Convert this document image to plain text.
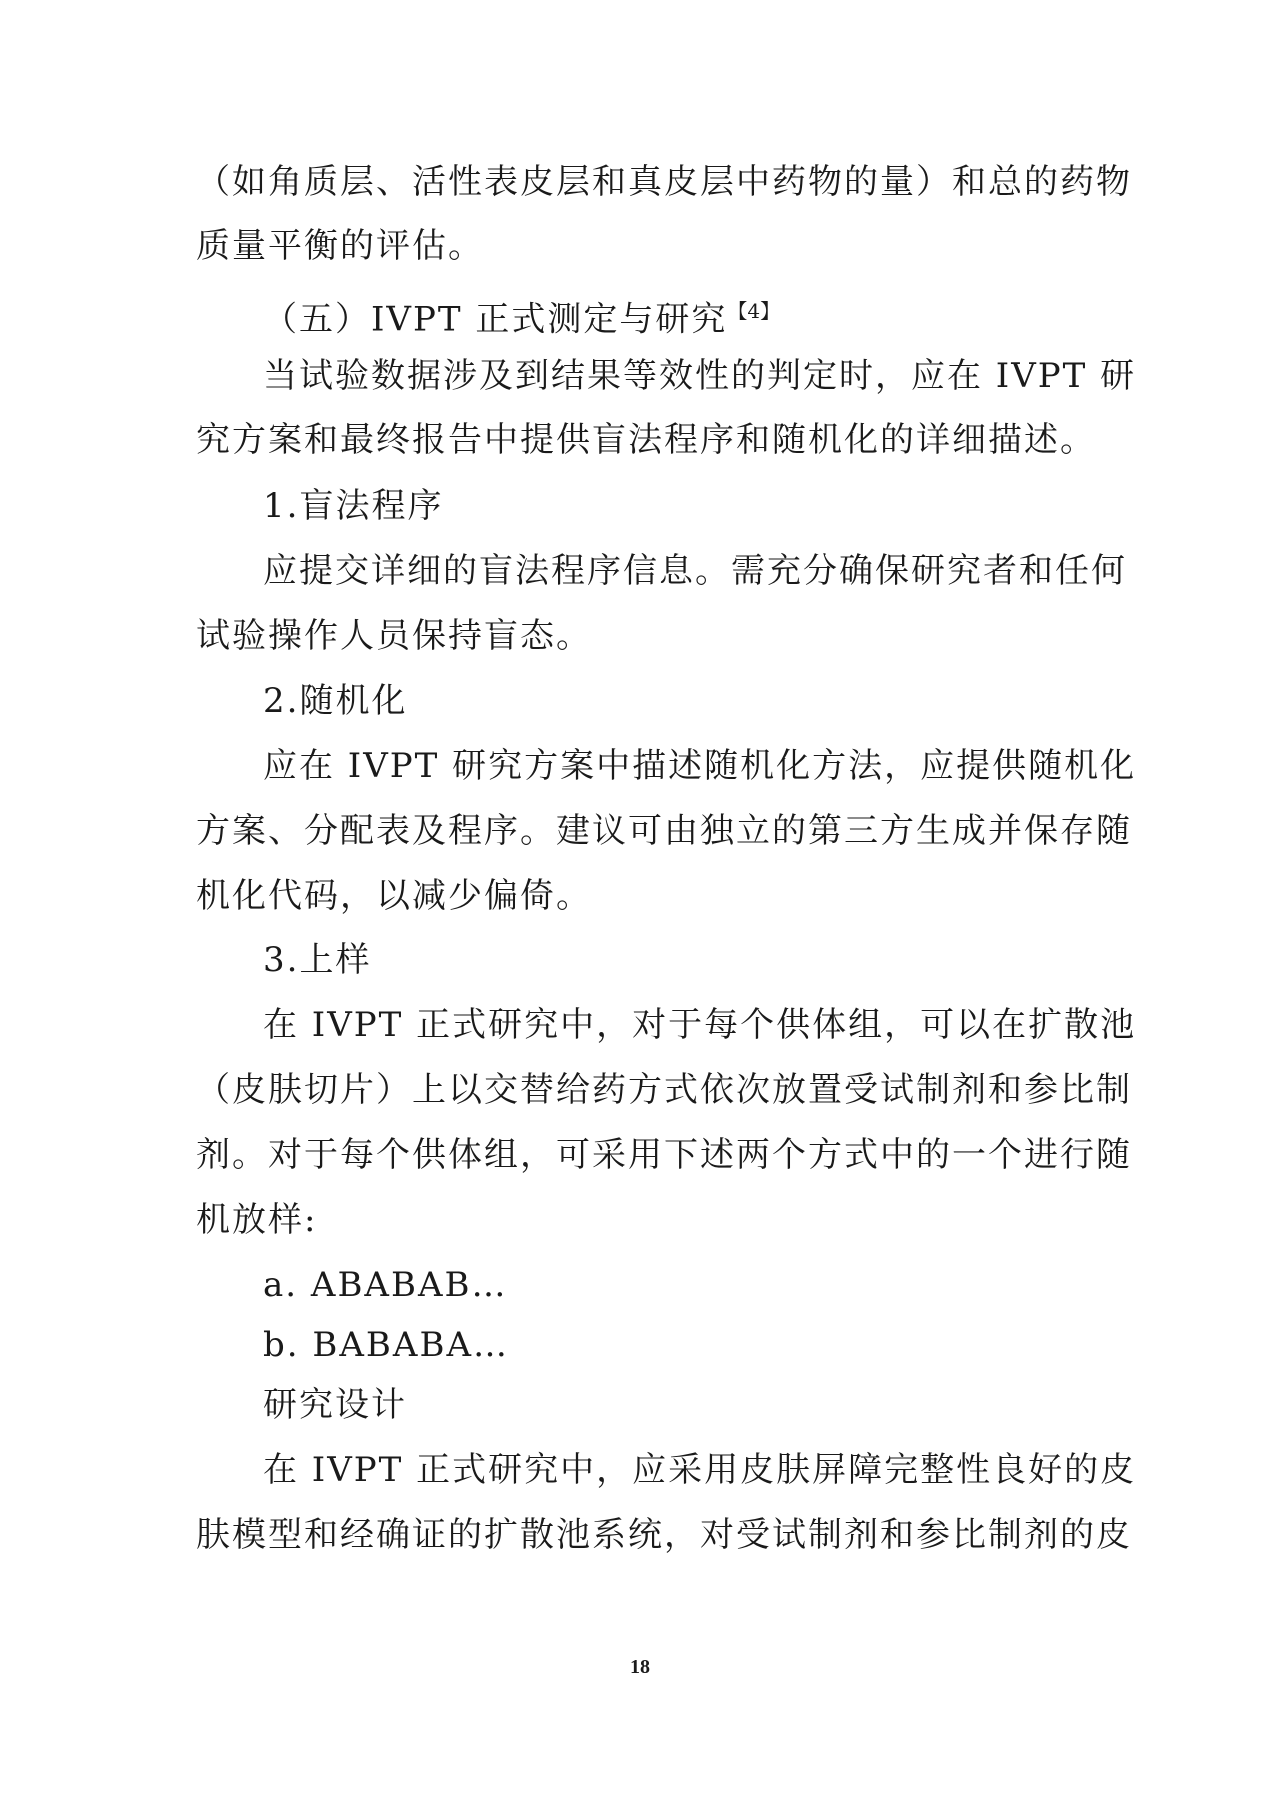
（如角质层、活性表皮层和真皮层中药物的量）和总的药物
质量平衡的评估。
（五）IVPT 正式测定与研究$^{【4】}$
当试验数据涉及到结果等效性的判定时，应在 IVPT 研
究方案和最终报告中提供盲法程序和随机化的详细描述。
1.盲法程序
应提交详细的盲法程序信息。需充分确保研究者和任何
试验操作人员保持盲态。
2.随机化
应在 IVPT 研究方案中描述随机化方法，应提供随机化
方案、分配表及程序。建议可由独立的第三方生成并保存随
机化代码，以减少偏倚。
3.上样
在 IVPT 正式研究中，对于每个供体组，可以在扩散池
（皮肤切片）上以交替给药方式依次放置受试制剂和参比制
剂。对于每个供体组，可采用下述两个方式中的一个进行随
机放样:
a. ABABAB…
b. BABABA…
研究设计
在 IVPT 正式研究中，应采用皮肤屏障完整性良好的皮
肤模型和经确证的扩散池系统，对受试制剂和参比制剂的皮
18
